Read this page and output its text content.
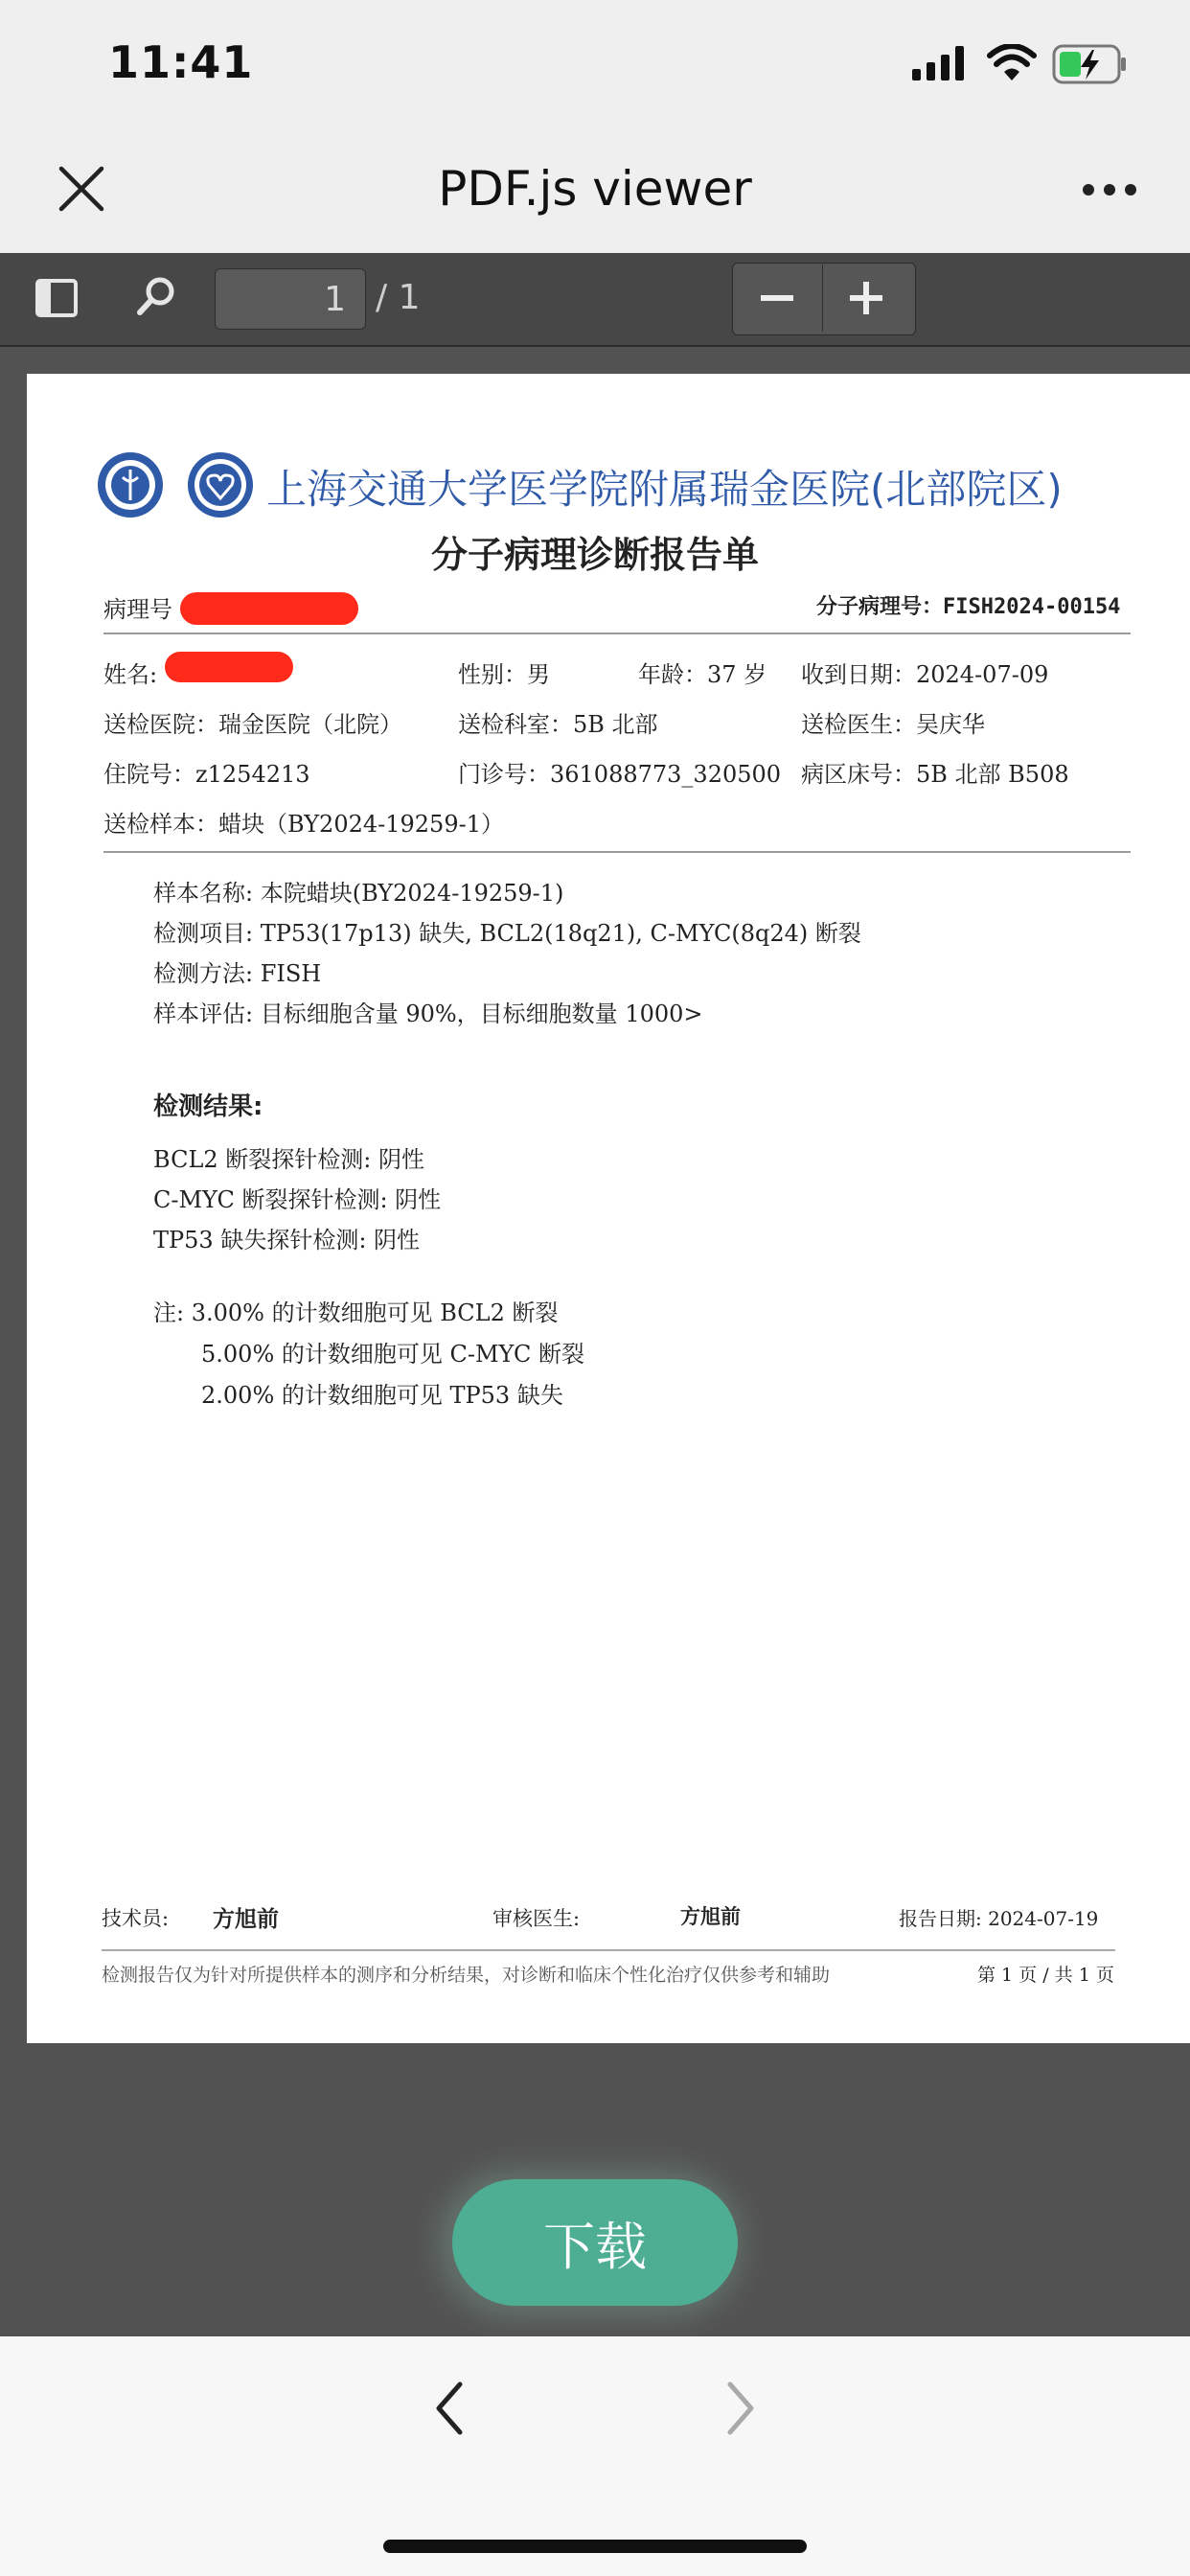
11:41
PDF.js viewer
1 / 1
上海交通大学医学院附属瑞金医院(北部院区)
分子病理诊断报告单
病理号	分子病理号：FISH2024-00154
姓名:	性别：男	年龄：37 岁 收到日期：2024-07-09
送检医院：瑞金医院（北院） 送检科室：5B 北部	送检医生：吴庆华
住院号：z1254213	门诊号：361088773_320500 病区床号：5B 北部 B508
送检样本：蜡块（BY2024-19259-1）
样本名称: 本院蜡块(BY2024-19259-1)
检测项目: TP53(17p13) 缺失, BCL2(18q21), C-MYC(8q24) 断裂
检测方法: FISH
样本评估: 目标细胞含量 90%，目标细胞数量 1000>
检测结果:
BCL2 断裂探针检测: 阴性
C-MYC 断裂探针检测: 阴性
TP53 缺失探针检测: 阴性
注: 3.00% 的计数细胞可见 BCL2 断裂
5.00% 的计数细胞可见 C-MYC 断裂
2.00% 的计数细胞可见 TP53 缺失
技术员: 方旭前	审核医生:	方旭前	报告日期: 2024-07-19
检测报告仅为针对所提供样本的测序和分析结果，对诊断和临床个性化治疗仅供参考和辅助	第 1 页 / 共 1 页
下载
